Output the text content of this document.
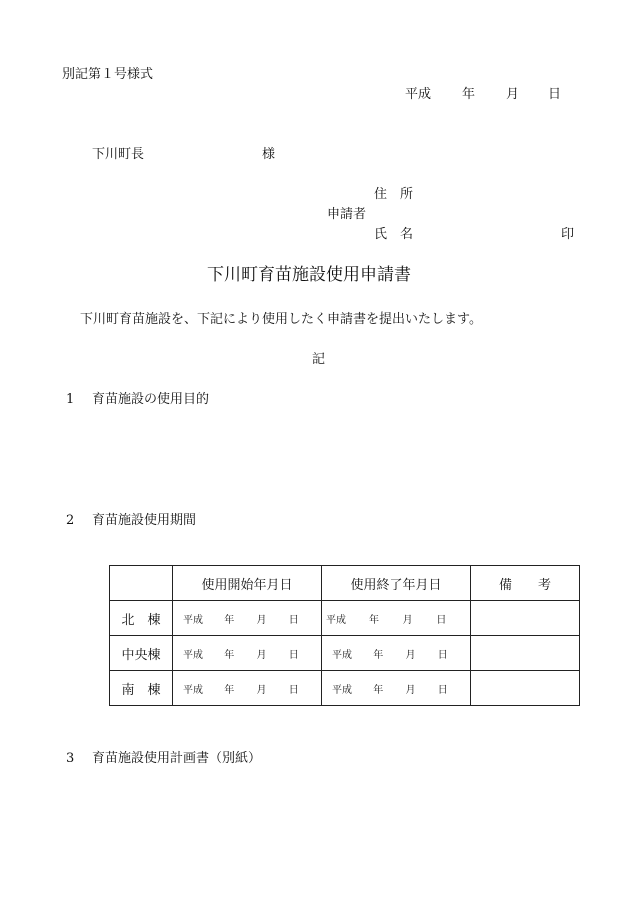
別記第１号様式
平成 年 月 日
下川町長	様
住　所
申請者
氏　名	印
下川町育苗施設使用申請書
下川町育苗施設を、下記により使用したく申請書を提出いたします。
記
1 育苗施設の使用目的
2 育苗施設使用期間
	使用開始年月日	使用終了年月日	備　　考
北　棟	平成 年 月 日	平成 年 月 日	

中央棟	平成 年 月 日	平成 年 月 日	

南　棟	平成 年 月 日	平成 年 月 日	

3 育苗施設使用計画書（別紙）
